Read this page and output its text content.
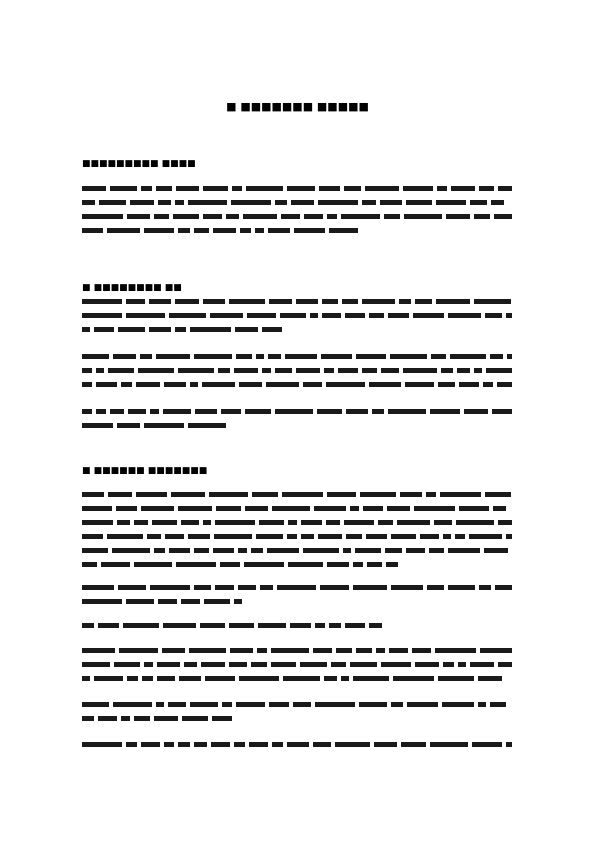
■ ■■■■■■■ ■■■■■
■■■■■■■■■ ■■■■
■ ■■■■■■■■ ■■
■ ■■■■■■ ■■■■■■■
